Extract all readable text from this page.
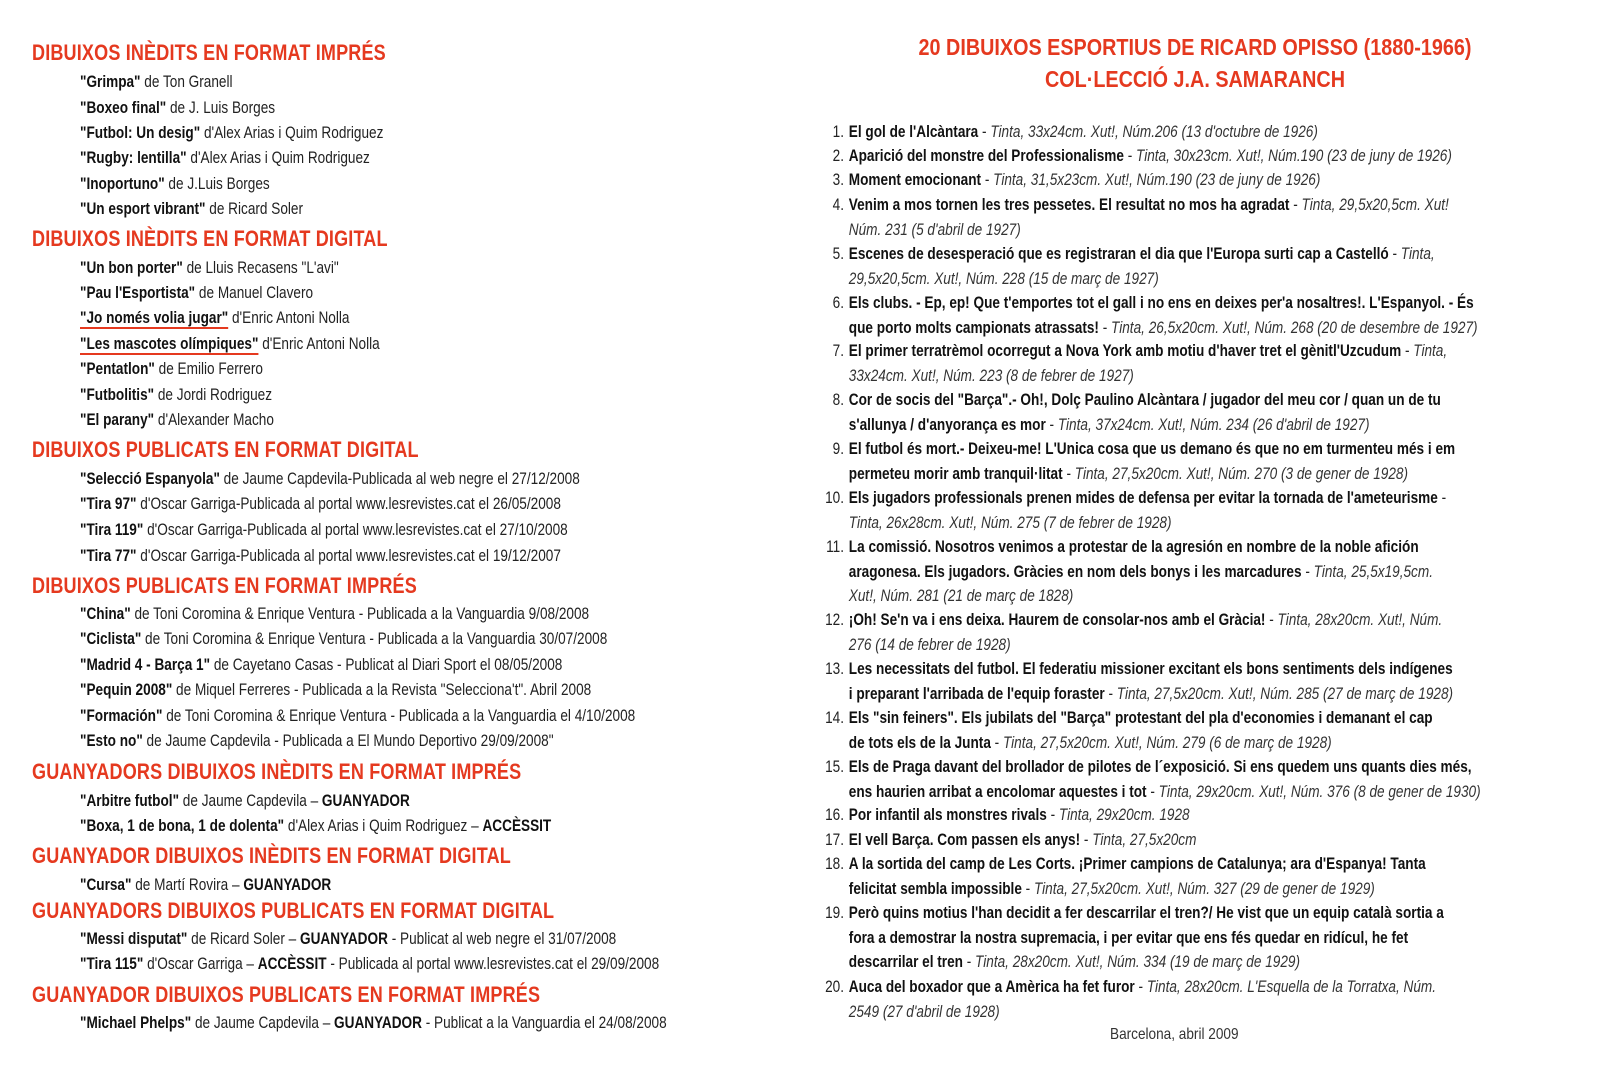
DIBUIXOS INÈDITS EN FORMAT IMPRÉS
"Grimpa" de Ton Granell
"Boxeo final" de J. Luis Borges
"Futbol: Un desig" d'Alex Arias i Quim Rodriguez
"Rugby: lentilla" d'Alex Arias i Quim Rodriguez
"Inoportuno" de J.Luis Borges
"Un esport vibrant" de Ricard Soler
DIBUIXOS INÈDITS EN FORMAT DIGITAL
"Un bon porter" de Lluis Recasens "L'avi"
"Pau l'Esportista" de Manuel Clavero
"Jo només volia jugar" d'Enric Antoni Nolla
"Les mascotes olímpiques" d'Enric Antoni Nolla
"Pentatlon" de Emilio Ferrero
"Futbolitis" de Jordi Rodriguez
"El parany" d'Alexander Macho
DIBUIXOS PUBLICATS EN FORMAT DIGITAL
"Selecció Espanyola" de Jaume Capdevila-Publicada al web negre el 27/12/2008
"Tira 97" d'Oscar Garriga-Publicada al portal www.lesrevistes.cat el 26/05/2008
"Tira 119" d'Oscar Garriga-Publicada al portal www.lesrevistes.cat el 27/10/2008
"Tira 77" d'Oscar Garriga-Publicada al portal www.lesrevistes.cat el 19/12/2007
DIBUIXOS PUBLICATS EN FORMAT IMPRÉS
"China" de Toni Coromina & Enrique Ventura - Publicada a la Vanguardia 9/08/2008
"Ciclista" de Toni Coromina & Enrique Ventura - Publicada a la Vanguardia 30/07/2008
"Madrid 4 - Barça 1" de Cayetano Casas - Publicat al Diari Sport el 08/05/2008
"Pequin 2008" de Miquel Ferreres - Publicada a la Revista "Selecciona't". Abril 2008
"Formación" de Toni Coromina & Enrique Ventura - Publicada a la Vanguardia el 4/10/2008
"Esto no" de Jaume Capdevila - Publicada a El Mundo Deportivo 29/09/2008"
GUANYADORS DIBUIXOS INÈDITS EN FORMAT IMPRÉS
"Arbitre futbol" de Jaume Capdevila – GUANYADOR
"Boxa, 1 de bona, 1 de dolenta" d'Alex Arias i Quim Rodriguez – ACCÈSSIT
GUANYADOR DIBUIXOS INÈDITS EN FORMAT DIGITAL
"Cursa" de Martí Rovira – GUANYADOR
GUANYADORS DIBUIXOS PUBLICATS EN FORMAT DIGITAL
"Messi disputat" de Ricard Soler – GUANYADOR - Publicat al web negre el 31/07/2008
"Tira 115" d'Oscar Garriga – ACCÈSSIT - Publicada al portal www.lesrevistes.cat el 29/09/2008
GUANYADOR DIBUIXOS PUBLICATS EN FORMAT IMPRÉS
"Michael Phelps" de Jaume Capdevila – GUANYADOR - Publicat a la Vanguardia el 24/08/2008
20 DIBUIXOS ESPORTIUS DE RICARD OPISSO (1880-1966)
COL·LECCIÓ J.A. SAMARANCH
Barcelona, abril 2009
1. El gol de l'Alcàntara - Tinta, 33x24cm. Xut!, Núm.206 (13 d'octubre de 1926)
2. Aparició del monstre del Professionalisme - Tinta, 30x23cm. Xut!, Núm.190 (23 de juny de 1926)
3. Moment emocionant - Tinta, 31,5x23cm. Xut!, Núm.190 (23 de juny de 1926)
4. Venim a mos tornen les tres pessetes. El resultat no mos ha agradat - Tinta, 29,5x20,5cm. Xut!
Núm. 231 (5 d'abril de 1927)
5. Escenes de desesperació que es registraran el dia que l'Europa surti cap a Castelló - Tinta,
29,5x20,5cm. Xut!, Núm. 228 (15 de març de 1927)
6. Els clubs. - Ep, ep! Que t'emportes tot el gall i no ens en deixes per'a nosaltres!. L'Espanyol. - És
que porto molts campionats atrassats! - Tinta, 26,5x20cm. Xut!, Núm. 268 (20 de desembre de 1927)
7. El primer terratrèmol ocorregut a Nova York amb motiu d'haver tret el gènitl'Uzcudum - Tinta,
33x24cm. Xut!, Núm. 223 (8 de febrer de 1927)
8. Cor de socis del "Barça".- Oh!, Dolç Paulino Alcàntara / jugador del meu cor / quan un de tu
s'allunya / d'anyorança es mor - Tinta, 37x24cm. Xut!, Núm. 234 (26 d'abril de 1927)
9. El futbol és mort.- Deixeu-me! L'Unica cosa que us demano és que no em turmenteu més i em
permeteu morir amb tranquil·litat - Tinta, 27,5x20cm. Xut!, Núm. 270 (3 de gener de 1928)
10. Els jugadors professionals prenen mides de defensa per evitar la tornada de l'ameteurisme -
Tinta, 26x28cm. Xut!, Núm. 275 (7 de febrer de 1928)
11. La comissió. Nosotros venimos a protestar de la agresión en nombre de la noble afición
aragonesa. Els jugadors. Gràcies en nom dels bonys i les marcadures - Tinta, 25,5x19,5cm.
Xut!, Núm. 281 (21 de març de 1828)
12. ¡Oh! Se'n va i ens deixa. Haurem de consolar-nos amb el Gràcia! - Tinta, 28x20cm. Xut!, Núm.
276 (14 de febrer de 1928)
13. Les necessitats del futbol. El federatiu missioner excitant els bons sentiments dels indígenes
i preparant l'arribada de l'equip foraster - Tinta, 27,5x20cm. Xut!, Núm. 285 (27 de març de 1928)
14. Els "sin feiners". Els jubilats del "Barça" protestant del pla d'economies i demanant el cap
de tots els de la Junta - Tinta, 27,5x20cm. Xut!, Núm. 279 (6 de març de 1928)
15. Els de Praga davant del brollador de pilotes de l´exposició. Si ens quedem uns quants dies més,
ens haurien arribat a encolomar aquestes i tot - Tinta, 29x20cm. Xut!, Núm. 376 (8 de gener de 1930)
16. Por infantil als monstres rivals - Tinta, 29x20cm. 1928
17. El vell Barça. Com passen els anys! - Tinta, 27,5x20cm
18. A la sortida del camp de Les Corts. ¡Primer campions de Catalunya; ara d'Espanya! Tanta
felicitat sembla impossible - Tinta, 27,5x20cm. Xut!, Núm. 327 (29 de gener de 1929)
19. Però quins motius l'han decidit a fer descarrilar el tren?/ He vist que un equip català sortia a
fora a demostrar la nostra supremacia, i per evitar que ens fés quedar en ridícul, he fet
descarrilar el tren - Tinta, 28x20cm. Xut!, Núm. 334 (19 de març de 1929)
20. Auca del boxador que a Amèrica ha fet furor - Tinta, 28x20cm. L'Esquella de la Torratxa, Núm.
2549 (27 d'abril de 1928)
